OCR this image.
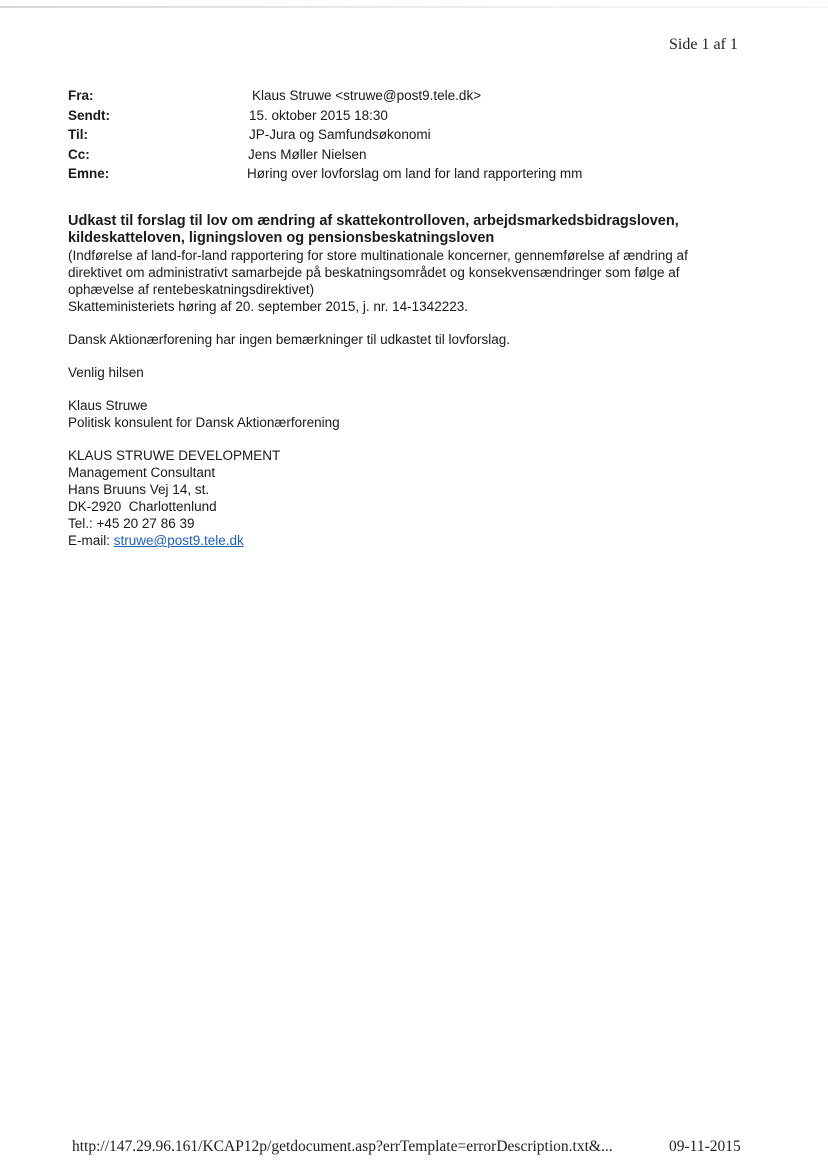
Side 1 af 1
Fra:	Klaus Struwe <struwe@post9.tele.dk>
Sendt:	15. oktober 2015 18:30
Til:	JP-Jura og Samfundsøkonomi
Cc:	Jens Møller Nielsen
Emne:	Høring over lovforslag om land for land rapportering mm

Udkast til forslag til lov om ændring af skattekontrolloven, arbejdsmarkedsbidragsloven,

kildeskatteloven, ligningsloven og pensionsbeskatningsloven

(Indførelse af land-for-land rapportering for store multinationale koncerner, gennemførelse af ændring af

direktivet om administrativt samarbejde på beskatningsområdet og konsekvensændringer som følge af

ophævelse af rentebeskatningsdirektivet)

Skatteministeriets høring af 20. september 2015, j. nr. 14-1342223.

Dansk Aktionærforening har ingen bemærkninger til udkastet til lovforslag.

Venlig hilsen

Klaus Struwe

Politisk konsulent for Dansk Aktionærforening

KLAUS STRUWE DEVELOPMENT

Management Consultant

Hans Bruuns Vej 14, st.

DK-2920  Charlottenlund

Tel.: +45 20 27 86 39

E-mail: struwe@post9.tele.dk

http://147.29.96.161/KCAP12p/getdocument.asp?errTemplate=errorDescription.txt&...	09-11-2015
